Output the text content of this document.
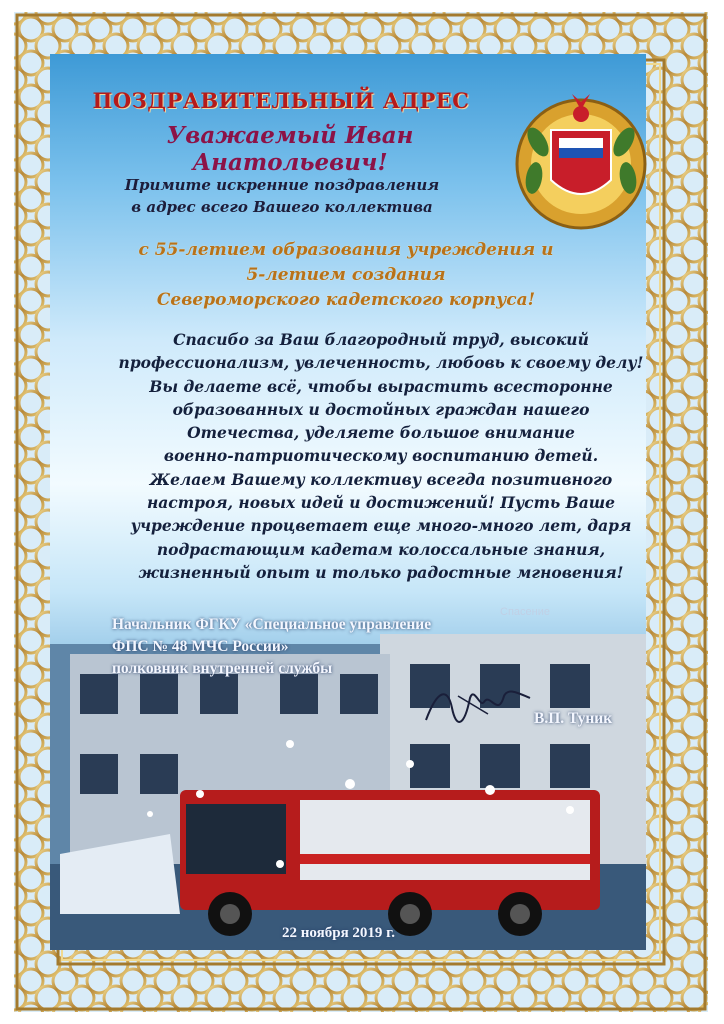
ПОЗДРАВИТЕЛЬНЫЙ АДРЕС
Уважаемый Иван Анатольевич!
Примите искренние поздравления
в адрес всего Вашего коллектива
с 55-летием образования учреждения и
5-летием создания
Североморского кадетского корпуса!
Спасибо за Ваш благородный труд, высокий
профессионализм, увлеченность, любовь к своему делу!
Вы делаете всё, чтобы вырастить всесторонне
образованных и достойных граждан нашего
Отечества, уделяете большое внимание
военно-патриотическому воспитанию детей.
Желаем Вашему коллективу всегда позитивного
настроя, новых идей и достижений! Пусть Ваше
учреждение процветает еще много-много лет, даря
подрастающим кадетам колоссальные знания,
жизненный опыт и только радостные мгновения!
Спасение
Начальник ФГКУ «Специальное управление
ФПС № 48 МЧС России»
полковник внутренней службы
В.П. Туник
22 ноября 2019 г.
